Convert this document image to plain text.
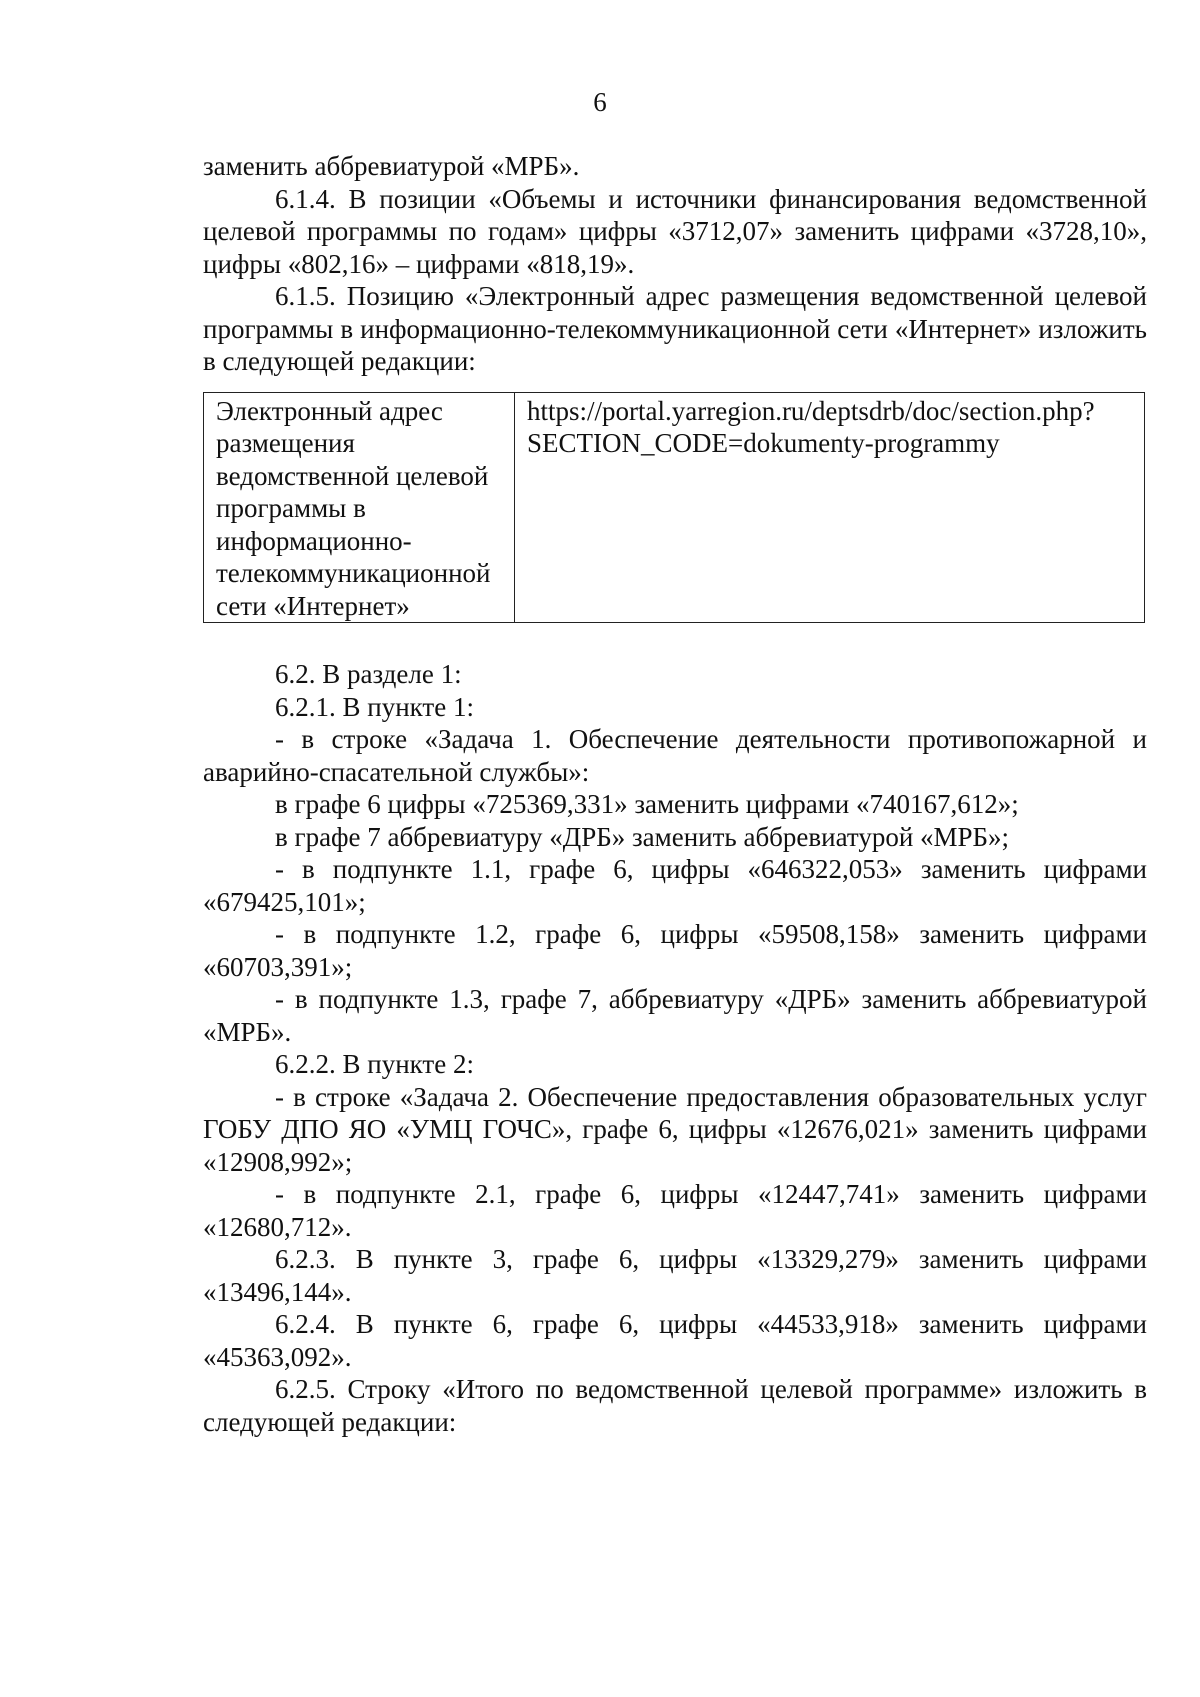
6

заменить аббревиатурой «МРБ».

6.1.4. В позиции «Объемы и источники финансирования ведомственной целевой программы по годам» цифры «3712,07» заменить цифрами «3728,10», цифры «802,16» – цифрами «818,19».

6.1.5. Позицию «Электронный адрес размещения ведомственной целевой программы в информационно-телекоммуникационной сети «Интернет» изложить в следующей редакции:

Электронный адрес размещения ведомственной целевой программы в информационно-телекоммуникационной сети «Интернет»	https://portal.yarregion.ru/deptsdrb/doc/section.php? SECTION_CODE=dokumenty-programmy

6.2. В разделе 1:

6.2.1. В пункте 1:

- в строке «Задача 1. Обеспечение деятельности противопожарной и аварийно-спасательной службы»:

в графе 6 цифры «725369,331» заменить цифрами «740167,612»;

в графе 7 аббревиатуру «ДРБ» заменить аббревиатурой «МРБ»;

- в подпункте 1.1, графе 6, цифры «646322,053» заменить цифрами «679425,101»;

- в подпункте 1.2, графе 6, цифры «59508,158» заменить цифрами «60703,391»;

- в подпункте 1.3, графе 7, аббревиатуру «ДРБ» заменить аббревиатурой «МРБ».

6.2.2. В пункте 2:

- в строке «Задача 2. Обеспечение предоставления образовательных услуг ГОБУ ДПО ЯО «УМЦ ГОЧС», графе 6, цифры «12676,021» заменить цифрами «12908,992»;

- в подпункте 2.1, графе 6, цифры «12447,741» заменить цифрами «12680,712».

6.2.3. В пункте 3, графе 6, цифры «13329,279» заменить цифрами «13496,144».

6.2.4. В пункте 6, графе 6, цифры «44533,918» заменить цифрами «45363,092».

6.2.5. Строку «Итого по ведомственной целевой программе» изложить в следующей редакции:
